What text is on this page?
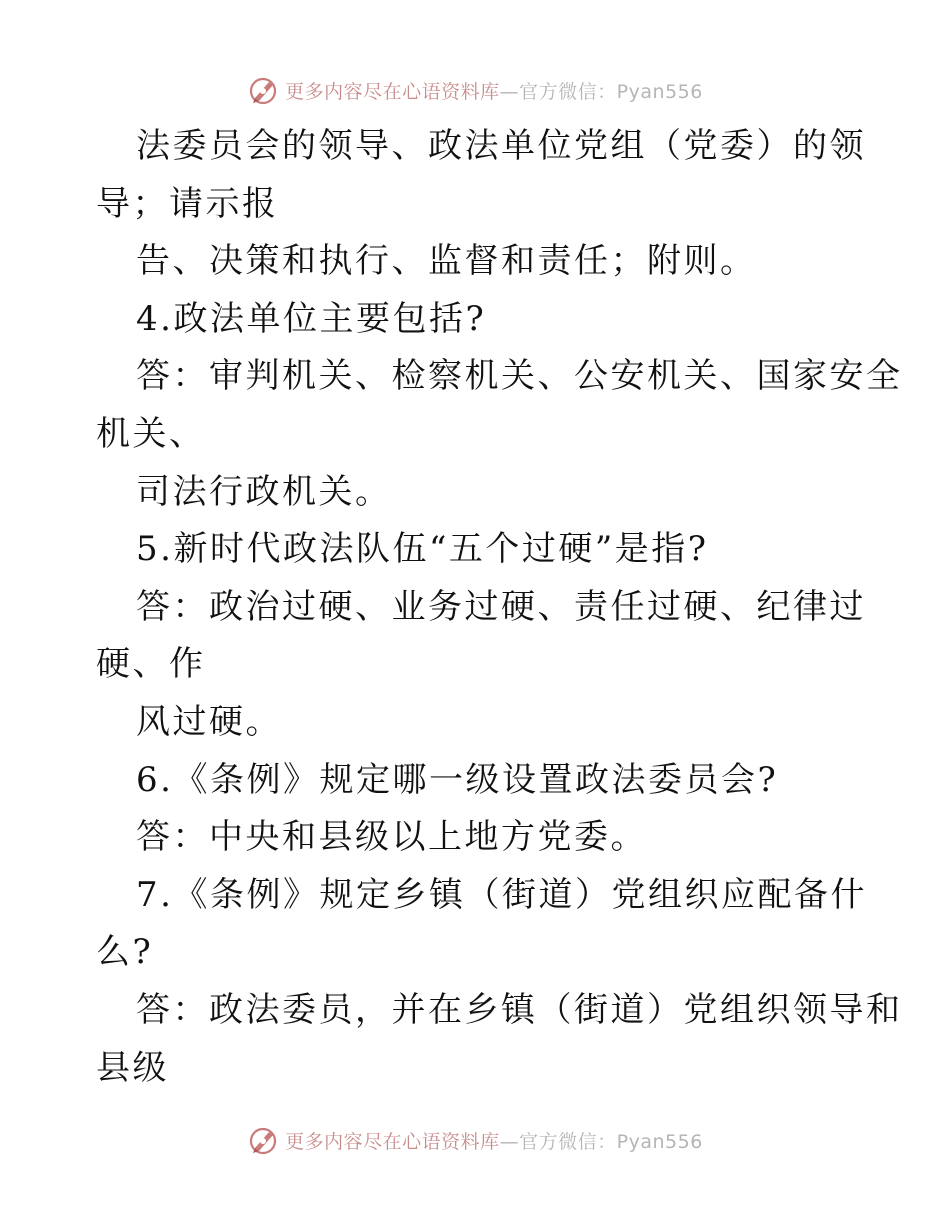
更多内容尽在心语资料库—官方微信：Pyan556
法委员会的领导、政法单位党组（党委）的领
导；请示报
告、决策和执行、监督和责任；附则。
4.政法单位主要包括?
答：审判机关、检察机关、公安机关、国家安全
机关、
司法行政机关。
5.新时代政法队伍“五个过硬”是指?
答：政治过硬、业务过硬、责任过硬、纪律过
硬、作
风过硬。
6.《条例》规定哪一级设置政法委员会?
答：中央和县级以上地方党委。
7.《条例》规定乡镇（街道）党组织应配备什
么?
答：政法委员，并在乡镇（街道）党组织领导和
县级
更多内容尽在心语资料库—官方微信：Pyan556
